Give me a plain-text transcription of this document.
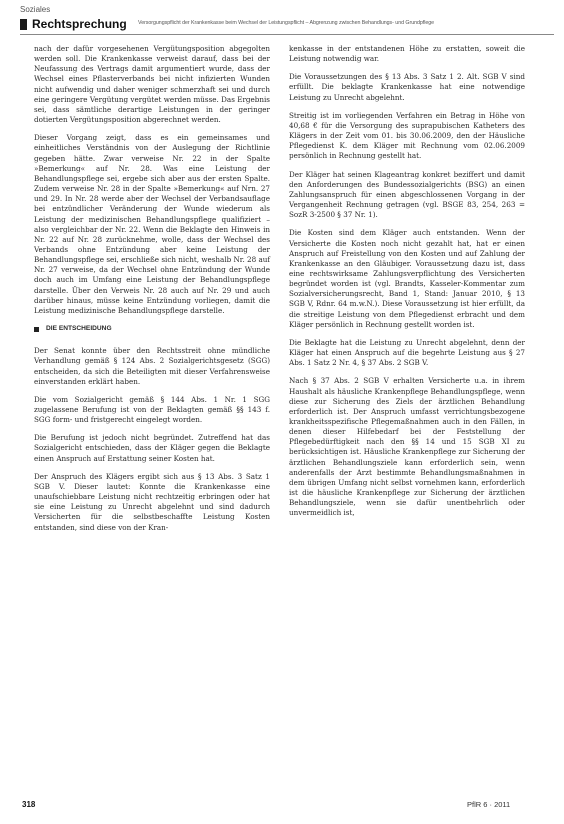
Soziales
Rechtsprechung Versorgungspflicht der Krankenkasse beim Wechsel der Leistungspflicht – Abgrenzung zwischen Behandlungs- und Grundpflege

nach der dafür vorgesehenen Vergütungsposition abgegolten werden soll. Die Krankenkasse verweist darauf, dass bei der Neufassung des Vertrags damit argumentiert wurde, dass der Wechsel eines Pflasterverbands bei nicht infizierten Wunden nicht aufwendig und daher weniger schmerzhaft sei und durch eine geringere Vergütung vergütet werden müsse. Das Ergebnis sei, dass sämtliche derartige Leistungen in der geringer dotierten Vergütungsposition abgerechnet werden.

Dieser Vorgang zeigt, dass es ein gemeinsames und einheitliches Verständnis von der Auslegung der Richtlinie gegeben hätte. Zwar verweise Nr. 22 in der Spalte »Bemerkung« auf Nr. 28. Was eine Leistung der Behandlungspflege sei, ergebe sich aber aus der ersten Spalte. Zudem verweise Nr. 28 in der Spalte »Bemerkung« auf Nrn. 27 und 29. In Nr. 28 werde aber der Wechsel der Verbandsauflage bei entzündlicher Veränderung der Wunde wiederum als Leistung der medizinischen Behandlungspflege qualifiziert – also vergleichbar der Nr. 22. Wenn die Beklagte den Hinweis in Nr. 22 auf Nr. 28 zurücknehme, wolle, dass der Wechsel des Verbands ohne Entzündung aber keine Leistung der Behandlungspflege sei, erschließe sich nicht, weshalb Nr. 28 auf Nr. 27 verweise, da der Wechsel ohne Entzündung der Wunde doch auch im Umfang eine Leistung der Behandlungspflege darstelle. Über den Verweis Nr. 28 auch auf Nr. 29 und auch darüber hinaus, müsse keine Entzündung vorliegen, damit die Leistung medizinische Behandlungspflege darstelle.

DIE ENTSCHEIDUNG

Der Senat konnte über den Rechtsstreit ohne mündliche Verhandlung gemäß § 124 Abs. 2 Sozialgerichtsgesetz (SGG) entscheiden, da sich die Beteiligten mit dieser Verfahrensweise einverstanden erklärt haben.

Die vom Sozialgericht gemäß § 144 Abs. 1 Nr. 1 SGG zugelassene Berufung ist von der Beklagten gemäß §§ 143 f. SGG form- und fristgerecht eingelegt worden.

Die Berufung ist jedoch nicht begründet. Zutreffend hat das Sozialgericht entschieden, dass der Kläger gegen die Beklagte einen Anspruch auf Erstattung seiner Kosten hat.

Der Anspruch des Klägers ergibt sich aus § 13 Abs. 3 Satz 1 SGB V. Dieser lautet: Konnte die Krankenkasse eine unaufschiebbare Leistung nicht rechtzeitig erbringen oder hat sie eine Leistung zu Unrecht abgelehnt und sind dadurch Versicherten für die selbstbeschaffte Leistung Kosten entstanden, sind diese von der Kran-

kenkasse in der entstandenen Höhe zu erstatten, soweit die Leistung notwendig war.

Die Voraussetzungen des § 13 Abs. 3 Satz 1 2. Alt. SGB V sind erfüllt. Die beklagte Krankenkasse hat eine notwendige Leistung zu Unrecht abgelehnt.

Streitig ist im vorliegenden Verfahren ein Betrag in Höhe von 40,68 € für die Versorgung des suprapubischen Katheters des Klägers in der Zeit vom 01. bis 30.06.2009, den der Häusliche Pflegedienst K. dem Kläger mit Rechnung vom 02.06.2009 persönlich in Rechnung gestellt hat.

Der Kläger hat seinen Klageantrag konkret beziffert und damit den Anforderungen des Bundessozialgerichts (BSG) an einen Zahlungsanspruch für einen abgeschlossenen Vorgang in der Vergangenheit Rechnung getragen (vgl. BSGE 83, 254, 263 = SozR 3-2500 § 37 Nr. 1).

Die Kosten sind dem Kläger auch entstanden. Wenn der Versicherte die Kosten noch nicht gezahlt hat, hat er einen Anspruch auf Freistellung von den Kosten und auf Zahlung der Krankenkasse an den Gläubiger. Voraussetzung dazu ist, dass eine rechtswirksame Zahlungsverpflichtung des Versicherten begründet worden ist (vgl. Brandts, Kasseler-Kommentar zum Sozialversicherungsrecht, Band 1, Stand: Januar 2010, § 13 SGB V, Rdnr. 64 m.w.N.). Diese Voraussetzung ist hier erfüllt, da die streitige Leistung von dem Pflegedienst erbracht und dem Kläger persönlich in Rechnung gestellt worden ist.

Die Beklagte hat die Leistung zu Unrecht abgelehnt, denn der Kläger hat einen Anspruch auf die begehrte Leistung aus § 27 Abs. 1 Satz 2 Nr. 4, § 37 Abs. 2 SGB V.

Nach § 37 Abs. 2 SGB V erhalten Versicherte u.a. in ihrem Haushalt als häusliche Krankenpflege Behandlungspflege, wenn diese zur Sicherung des Ziels der ärztlichen Behandlung erforderlich ist. Der Anspruch umfasst verrichtungsbezogene krankheitsspezifische Pflegemaßnahmen auch in den Fällen, in denen dieser Hilfebedarf bei der Feststellung der Pflegebedürftigkeit nach den §§ 14 und 15 SGB XI zu berücksichtigen ist. Häusliche Krankenpflege zur Sicherung der ärztlichen Behandlungsziele kann erforderlich sein, wenn anderenfalls der Arzt bestimmte Behandlungsmaßnahmen in dem übrigen Umfang nicht selbst vornehmen kann, erforderlich ist die häusliche Krankenpflege zur Sicherung der ärztlichen Behandlungsziele, wenn sie dafür unentbehrlich oder unvermeidlich ist,

318	PflR 6 · 2011
